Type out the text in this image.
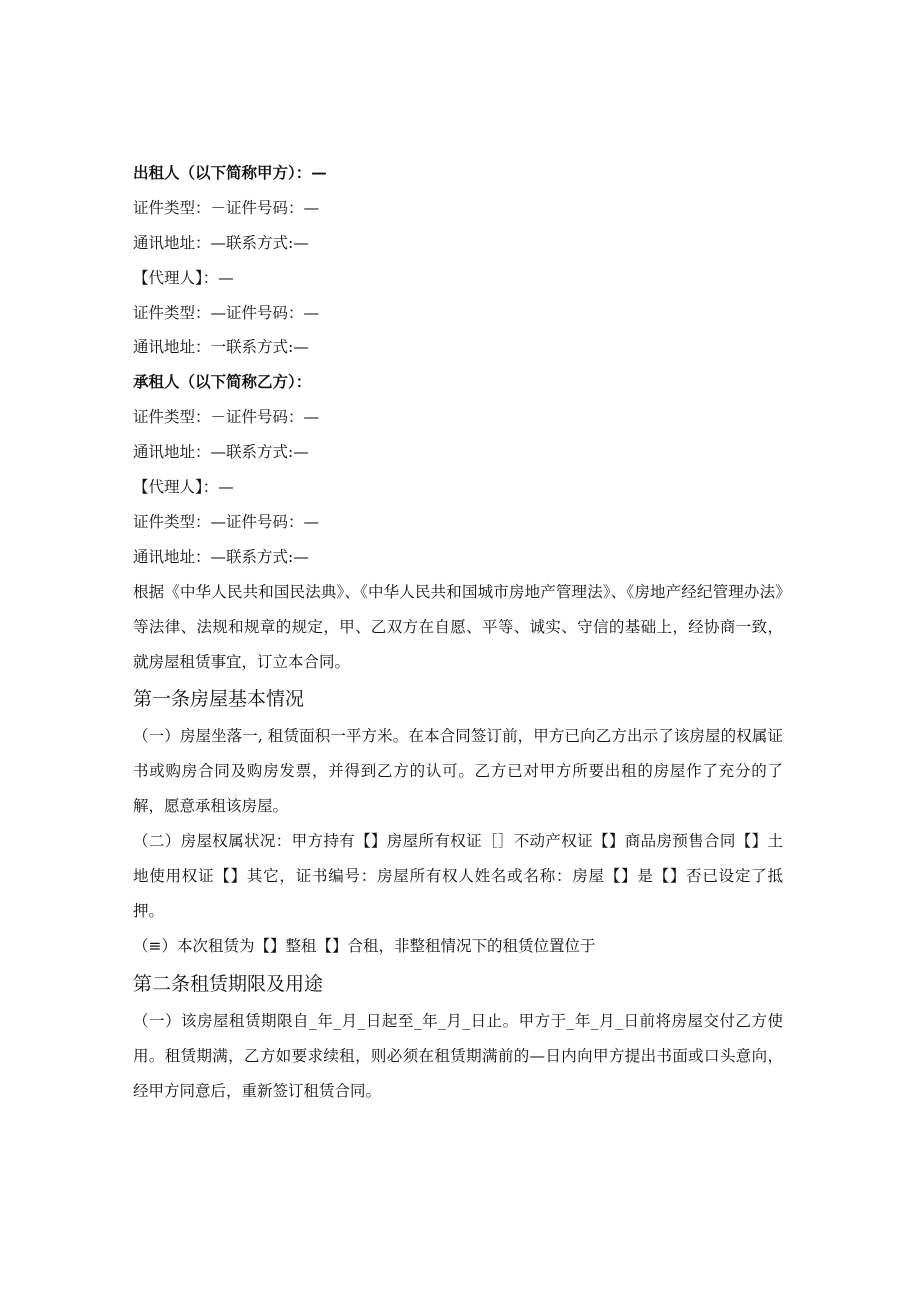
出租人（以下简称甲方）：—
证件类型：－证件号码：—
通讯地址：—联系方式:—
【代理人】：—
证件类型：—证件号码：—
通讯地址：一联系方式:—
承租人（以下简称乙方）：
证件类型：－证件号码：—
通讯地址：—联系方式:—
【代理人】：—
证件类型：—证件号码：—
通讯地址：—联系方式:—

根据《中华人民共和国民法典》、《中华人民共和国城市房地产管理法》、《房地产经纪管理办法》等法律、法规和规章的规定，甲、乙双方在自愿、平等、诚实、守信的基础上，经协商一致，就房屋租赁事宜，订立本合同。

第一条房屋基本情况

（一）房屋坐落一, 租赁面积一平方米。在本合同签订前，甲方已向乙方出示了该房屋的权属证书或购房合同及购房发票，并得到乙方的认可。乙方已对甲方所要出租的房屋作了充分的了解，愿意承租该房屋。

（二）房屋权属状况：甲方持有【】房屋所有权证［］不动产权证【】商品房预售合同【】土地使用权证【】其它，证书编号：房屋所有权人姓名或名称：房屋【】是【】否已设定了抵押。

（≡）本次租赁为【】整租【】合租，非整租情况下的租赁位置位于

第二条租赁期限及用途

（一）该房屋租赁期限自_年_月_日起至_年_月_日止。甲方于_年_月_日前将房屋交付乙方使用。租赁期满，乙方如要求续租，则必须在租赁期满前的—日内向甲方提出书面或口头意向，经甲方同意后，重新签订租赁合同。
